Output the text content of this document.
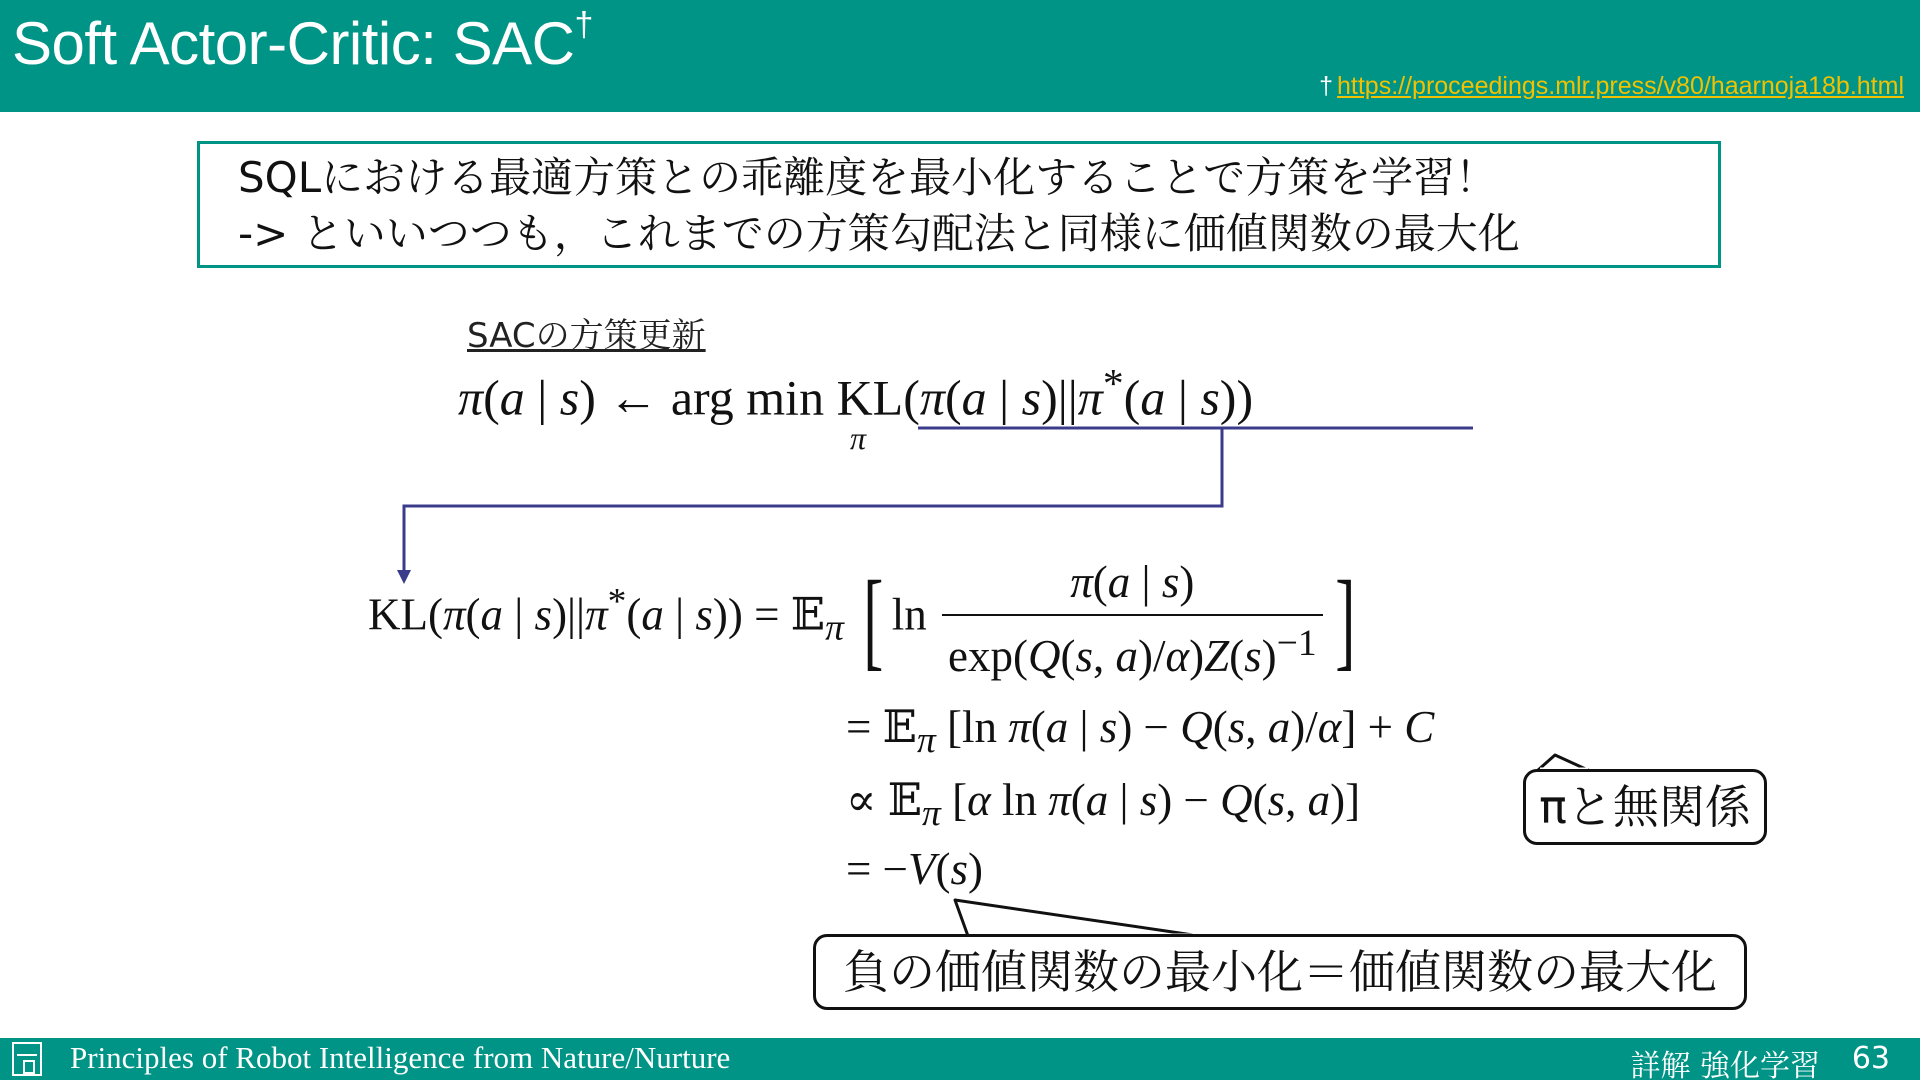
Soft Actor-Critic: SAC†
† https://proceedings.mlr.press/v80/haarnoja18b.html
SQLにおける最適方策との乖離度を最小化することで方策を学習！
-> といいつつも，これまでの方策勾配法と同様に価値関数の最大化
SACの方策更新
π(a | s) ← arg min KL(π(a | s)||π*(a | s))
π
KL(π(a | s)||π*(a | s)) = 𝔼$_\pi$ [ $\ln \frac{\pi(a | s)}{\exp(Q(s, a)/\alpha)Z(s)^{-1}}$ ]
= 𝔼$_\pi$ [ln π(a | s) − Q(s, a)/α] + C
∝ 𝔼$_\pi$ [α ln π(a | s) − Q(s, a)]
= −V(s)
πと無関係
負の価値関数の最小化＝価値関数の最大化
Principles of Robot Intelligence from Nature/Nurture	詳解 強化学習 63
